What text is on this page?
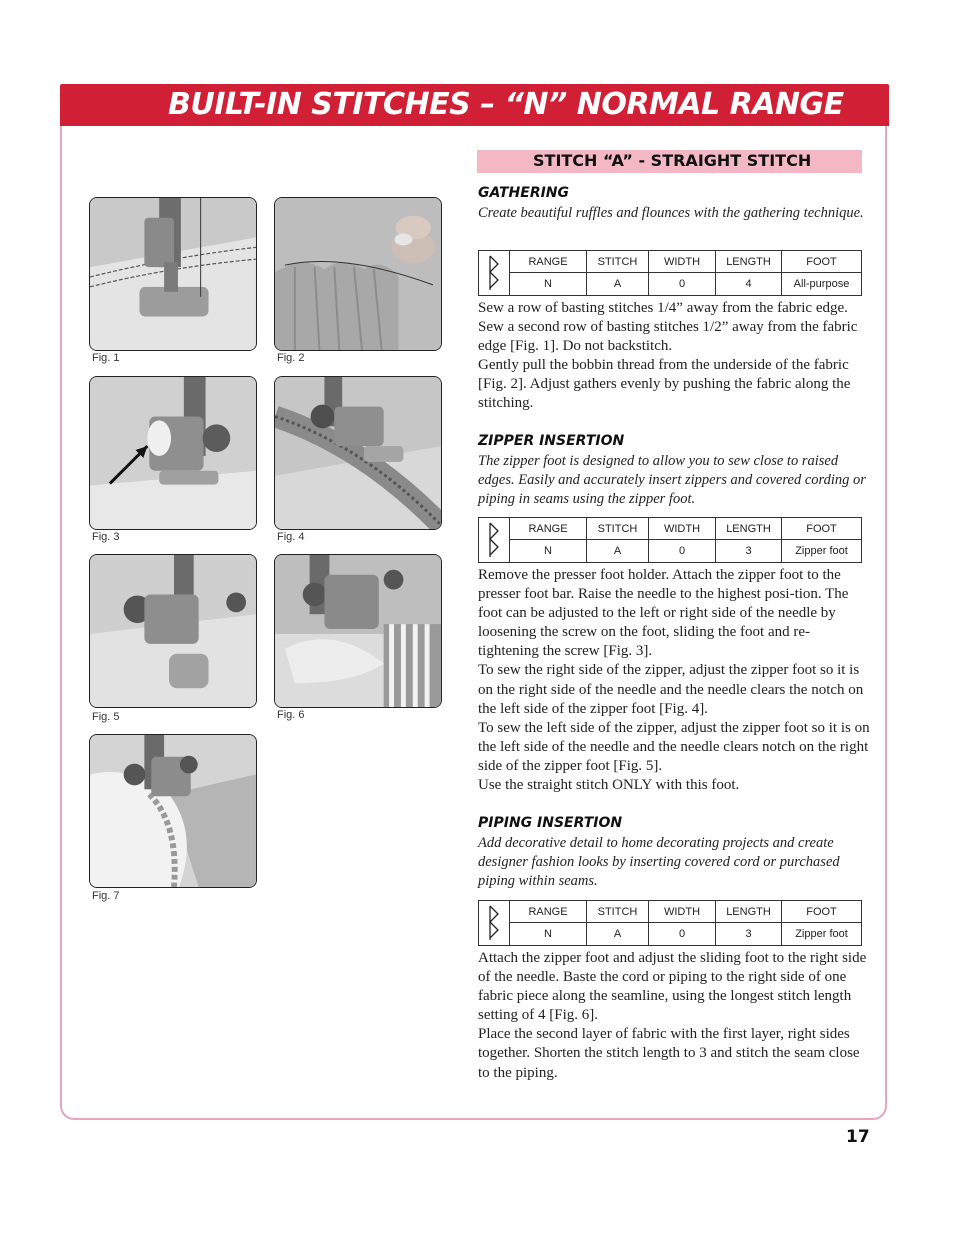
BUILT-IN STITCHES – “N” NORMAL RANGE
Fig. 1	Fig. 2
Fig. 3	Fig. 4
Fig. 5	Fig. 6
Fig. 7
STITCH “A” - STRAIGHT STITCH
GATHERING
Create beautiful ruffles and flounces with the gathering technique.
RANGE	STITCH	WIDTH	LENGTH	FOOT
N	A	0	4	All-purpose

Sew a row of basting stitches 1/4” away from the fabric edge. Sew a second row of basting stitches 1/2” away from the fabric edge [Fig. 1]. Do not backstitch.

Gently pull the bobbin thread from the underside of the fabric [Fig. 2]. Adjust gathers evenly by pushing the fabric along the stitching.

ZIPPER INSERTION
The zipper foot is designed to allow you to sew close to raised edges. Easily and accurately insert zippers and covered cording or piping in seams using the zipper foot.
RANGE	STITCH	WIDTH	LENGTH	FOOT
N	A	0	3	Zipper foot

Remove the presser foot holder. Attach the zipper foot to the presser foot bar. Raise the needle to the highest posi-tion. The foot can be adjusted to the left or right side of the needle by loosening the screw on the foot, sliding the foot and re-tightening the screw [Fig. 3].

To sew the right side of the zipper, adjust the zipper foot so it is on the right side of the needle and the needle clears the notch on the left side of the zipper foot [Fig. 4].

To sew the left side of the zipper, adjust the zipper foot so it is on the left side of the needle and the needle clears notch on the right side of the zipper foot [Fig. 5].

Use the straight stitch ONLY with this foot.

PIPING INSERTION
Add decorative detail to home decorating projects and create designer fashion looks by inserting covered cord or purchased piping within seams.
RANGE	STITCH	WIDTH	LENGTH	FOOT
N	A	0	3	Zipper foot

Attach the zipper foot and adjust the sliding foot to the right side of the needle. Baste the cord or piping to the right side of one fabric piece along the seamline, using the longest stitch length setting of 4 [Fig. 6].

Place the second layer of fabric with the first layer, right sides together. Shorten the stitch length to 3 and stitch the seam close to the piping.

17
